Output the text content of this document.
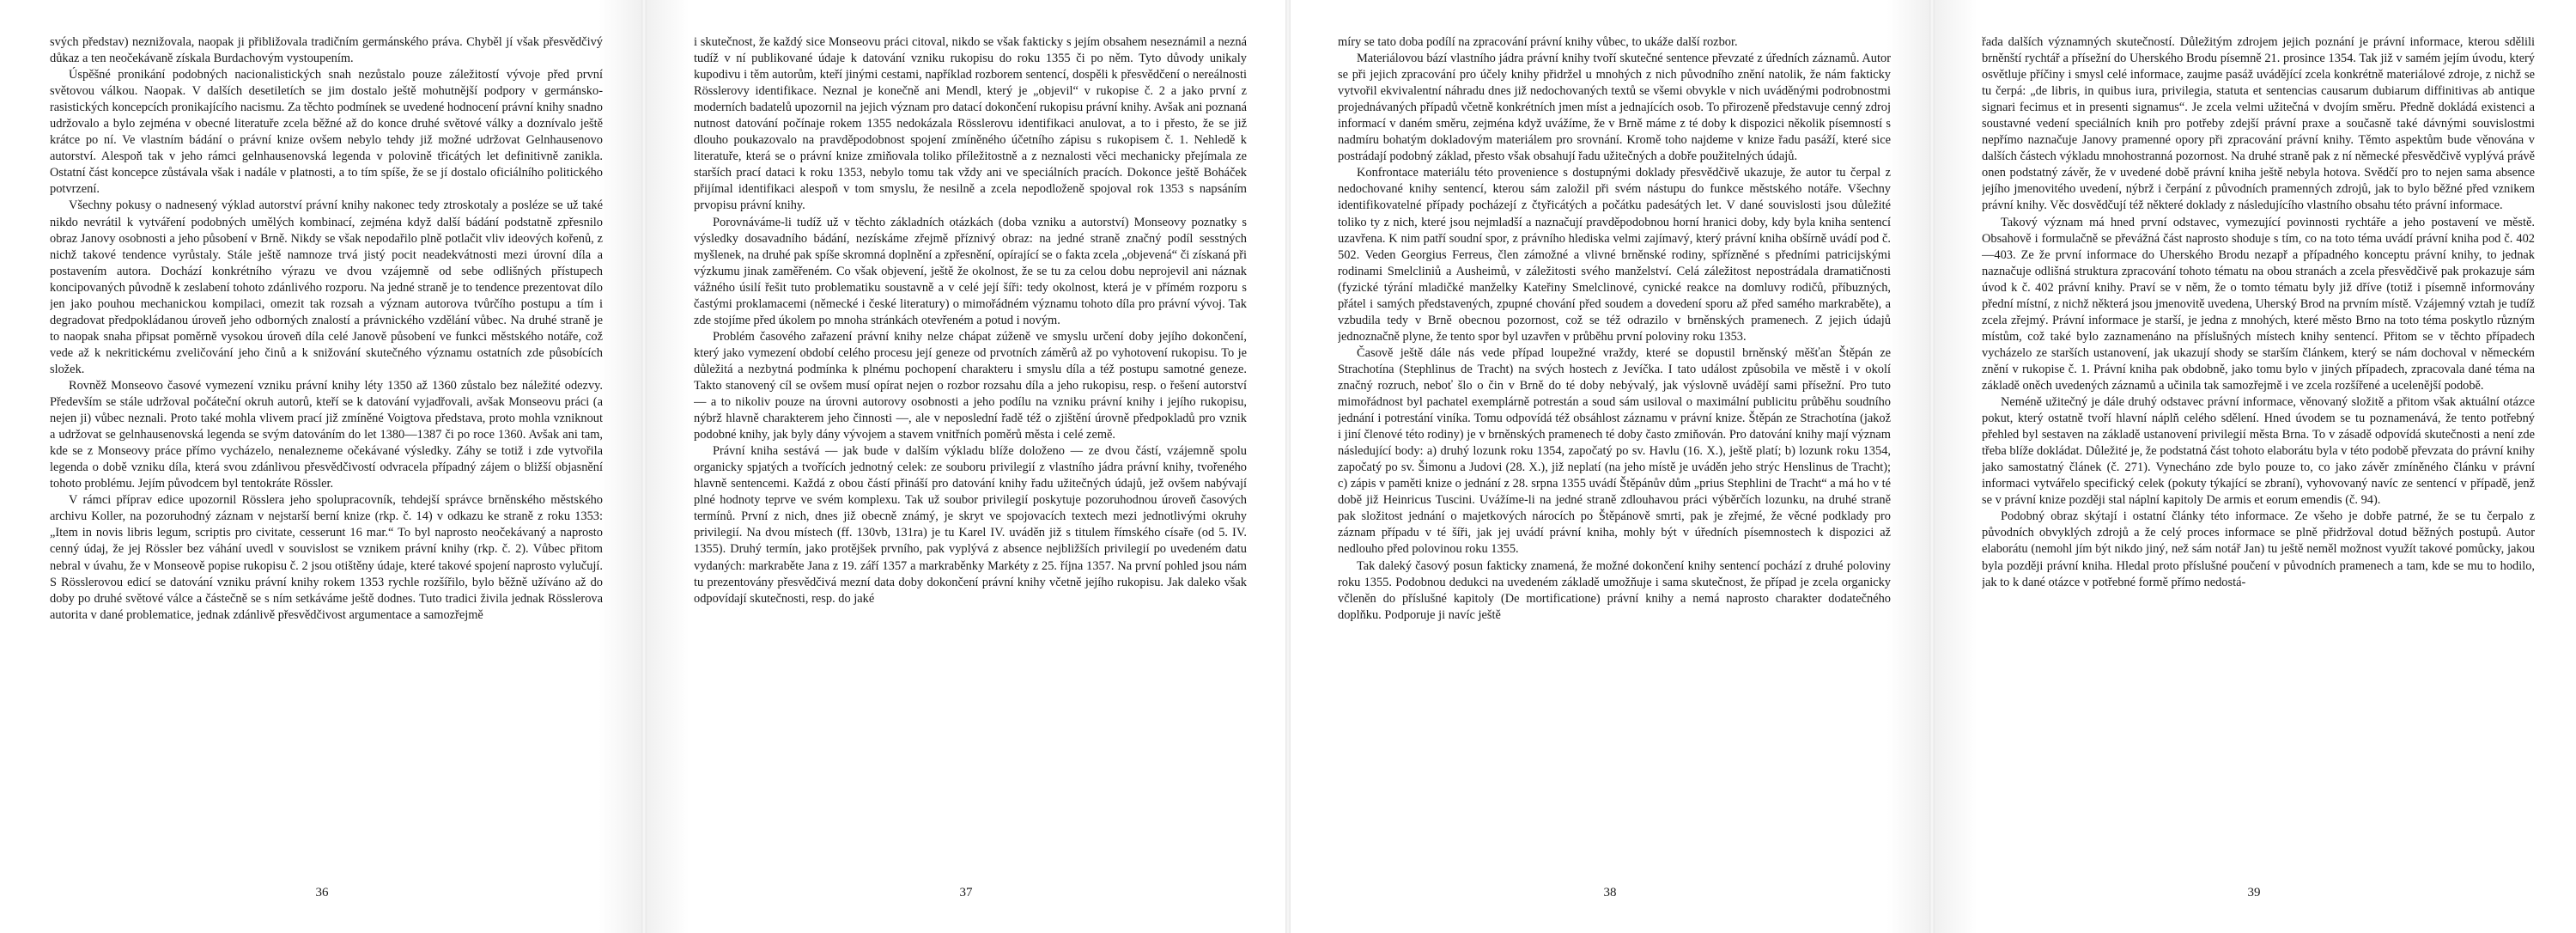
svých představ) neznižovala, naopak ji přibližovala tradičním germánského práva. Chyběl jí však přesvědčivý důkaz a ten neočekávaně získala Burdachovým vystoupením.

Úspěšné pronikání podobných nacionalistických snah nezůstalo pouze záležitostí vývoje před první světovou válkou. Naopak. V dalších desetiletích se jim dostalo ještě mohutnější podpory v germánsko-rasistických koncepcích pronikajícího nacismu. Za těchto podmínek se uvedené hodnocení právní knihy snadno udržovalo a bylo zejména v obecné literatuře zcela běžné až do konce druhé světové války a doznívalo ještě krátce po ní. Ve vlastním bádání o právní knize ovšem nebylo tehdy již možné udržovat Gelnhausenovo autorství. Alespoň tak v jeho rámci gelnhausenovská legenda v polovině třicátých let definitivně zanikla. Ostatní část koncepce zůstávala však i nadále v platnosti, a to tím spíše, že se jí dostalo oficiálního politického potvrzení.

Všechny pokusy o nadnesený výklad autorství právní knihy nakonec tedy ztroskotaly a posléze se už také nikdo nevrátil k vytváření podobných umělých kombinací, zejména když další bádání podstatně zpřesnilo obraz Janovy osobnosti a jeho působení v Brně. Nikdy se však nepodařilo plně potlačit vliv ideových kořenů, z nichž takové tendence vyrůstaly. Stále ještě namnoze trvá jistý pocit neadekvátnosti mezi úrovní díla a postavením autora. Dochází konkrétního výrazu ve dvou vzájemně od sebe odlišných přístupech koncipovaných původně k zeslabení tohoto zdánlivého rozporu. Na jedné straně je to tendence prezentovat dílo jen jako pouhou mechanickou kompilaci, omezit tak rozsah a význam autorova tvůrčího postupu a tím i degradovat předpokládanou úroveň jeho odborných znalostí a právnického vzdělání vůbec. Na druhé straně je to naopak snaha připsat poměrně vysokou úroveň díla celé Janově působení ve funkci městského notáře, což vede až k nekritickému zveličování jeho činů a k snižování skutečného významu ostatních zde působících složek.

Rovněž Monseovo časové vymezení vzniku právní knihy léty 1350 až 1360 zůstalo bez náležité odezvy. Především se stále udržoval počáteční okruh autorů, kteří se k datování vyjadřovali, avšak Monseovu práci (a nejen ji) vůbec neznali. Proto také mohla vlivem prací již zmíněné Voigtova představa, proto mohla vzniknout a udržovat se gelnhausenovská legenda se svým datováním do let 1380—1387 či po roce 1360. Avšak ani tam, kde se z Monseovy práce přímo vycházelo, nenalezneme očekávané výsledky. Záhy se totiž i zde vytvořila legenda o době vzniku díla, která svou zdánlivou přesvědčivostí odvracela případný zájem o bližší objasnění tohoto problému. Jejím původcem byl tentokráte Rössler.

V rámci příprav edice upozornil Rösslera jeho spolupracovník, tehdejší správce brněnského městského archivu Koller, na pozoruhodný záznam v nejstarší berní knize (rkp. č. 14) v odkazu ke straně z roku 1353: „Item in novis libris legum, scriptis pro civitate, cesserunt 16 mar.“ To byl naprosto neočekávaný a naprosto cenný údaj, že jej Rössler bez váhání uvedl v souvislost se vznikem právní knihy (rkp. č. 2). Vůbec přitom nebral v úvahu, že v Monseově popise rukopisu č. 2 jsou otištěny údaje, které takové spojení naprosto vylučují. S Rösslerovou edicí se datování vzniku právní knihy rokem 1353 rychle rozšířilo, bylo běžně užíváno až do doby po druhé světové válce a částečně se s ním setkáváme ještě dodnes. Tuto tradici živila jednak Rösslerova autorita v dané problematice, jednak zdánlivě přesvědčivost argumentace a samozřejmě

36

i skutečnost, že každý sice Monseovu práci citoval, nikdo se však fakticky s jejím obsahem neseznámil a nezná tudíž v ní publikované údaje k datování vzniku rukopisu do roku 1355 či po něm. Tyto důvody unikaly kupodivu i těm autorům, kteří jinými cestami, například rozborem sentencí, dospěli k přesvědčení o nereálnosti Rösslerovy identifikace. Neznal je konečně ani Mendl, který je „objevil“ v rukopise č. 2 a jako první z moderních badatelů upozornil na jejich význam pro datací dokončení rukopisu právní knihy. Avšak ani poznaná nutnost datování počínaje rokem 1355 nedokázala Rösslerovu identifikaci anulovat, a to i přesto, že se již dlouho poukazovalo na pravděpodobnost spojení zmíněného účetního zápisu s rukopisem č. 1. Nehledě k literatuře, která se o právní knize zmiňovala toliko příležitostně a z neznalosti věci mechanicky přejímala ze starších prací dataci k roku 1353, nebylo tomu tak vždy ani ve speciálních pracích. Dokonce ještě Boháček přijímal identifikaci alespoň v tom smyslu, že nesilně a zcela nepodloženě spojoval rok 1353 s napsáním prvopisu právní knihy.

Porovnáváme-li tudíž už v těchto základních otázkách (doba vzniku a autorství) Monseovy poznatky s výsledky dosavadního bádání, nezískáme zřejmě příznivý obraz: na jedné straně značný podíl sesstných myšlenek, na druhé pak spíše skromná doplnění a zpřesnění, opírající se o fakta zcela „objevená“ či získaná při výzkumu jinak zaměřeném. Co však objevení, ještě že okolnost, že se tu za celou dobu neprojevil ani náznak vážného úsilí řešit tuto problematiku soustavně a v celé její šíři: tedy okolnost, která je v přímém rozporu s častými proklamacemi (německé i české literatury) o mimořádném významu tohoto díla pro právní vývoj. Tak zde stojíme před úkolem po mnoha stránkách otevřeném a potud i novým.

Problém časového zařazení právní knihy nelze chápat zúženě ve smyslu určení doby jejího dokončení, který jako vymezení období celého procesu její geneze od prvotních záměrů až po vyhotovení rukopisu. To je důležitá a nezbytná podmínka k plnému pochopení charakteru i smyslu díla a též postupu samotné geneze. Takto stanovený cíl se ovšem musí opírat nejen o rozbor rozsahu díla a jeho rukopisu, resp. o řešení autorství — a to nikoliv pouze na úrovni autorovy osobnosti a jeho podílu na vzniku právní knihy i jejího rukopisu, nýbrž hlavně charakterem jeho činnosti —, ale v neposlední řadě též o zjištění úrovně předpokladů pro vznik podobné knihy, jak byly dány vývojem a stavem vnitřních poměrů města i celé země.

Právní kniha sestává — jak bude v dalším výkladu blíže doloženo — ze dvou částí, vzájemně spolu organicky spjatých a tvořících jednotný celek: ze souboru privilegií z vlastního jádra právní knihy, tvořeného hlavně sentencemi. Každá z obou částí přináší pro datování knihy řadu užitečných údajů, jež ovšem nabývají plné hodnoty teprve ve svém komplexu. Tak už soubor privilegií poskytuje pozoruhodnou úroveň časových termínů. První z nich, dnes již obecně známý, je skryt ve spojovacích textech mezi jednotlivými okruhy privilegií. Na dvou místech (ff. 130vb, 131ra) je tu Karel IV. uváděn již s titulem římského císaře (od 5. IV. 1355). Druhý termín, jako protějšek prvního, pak vyplývá z absence nejbližších privilegií po uvedeném datu vydaných: markraběte Jana z 19. září 1357 a markraběnky Markéty z 25. října 1357. Na první pohled jsou nám tu prezentovány přesvědčivá mezní data doby dokončení právní knihy včetně jejího rukopisu. Jak daleko však odpovídají skutečnosti, resp. do jaké

37

míry se tato doba podílí na zpracování právní knihy vůbec, to ukáže další rozbor.

Materiálovou bází vlastního jádra právní knihy tvoří skutečné sentence převzaté z úředních záznamů. Autor se při jejich zpracování pro účely knihy přidržel u mnohých z nich původního znění natolik, že nám fakticky vytvořil ekvivalentní náhradu dnes již nedochovaných textů se všemi obvykle v nich uváděnými podrobnostmi projednávaných případů včetně konkrétních jmen míst a jednajících osob. To přirozeně představuje cenný zdroj informací v daném směru, zejména když uvážíme, že v Brně máme z té doby k dispozici několik písemností s nadmíru bohatým dokladovým materiálem pro srovnání. Kromě toho najdeme v knize řadu pasáží, které sice postrádají podobný základ, přesto však obsahují řadu užitečných a dobře použitelných údajů.

Konfrontace materiálu této provenience s dostupnými doklady přesvědčivě ukazuje, že autor tu čerpal z nedochované knihy sentencí, kterou sám založil při svém nástupu do funkce městského notáře. Všechny identifikovatelné případy pocházejí z čtyřicátých a počátku padesátých let. V dané souvislosti jsou důležité toliko ty z nich, které jsou nejmladší a naznačují pravděpodobnou horní hranici doby, kdy byla kniha sentencí uzavřena. K nim patří soudní spor, z právního hlediska velmi zajímavý, který právní kniha obšírně uvádí pod č. 502. Veden Georgius Ferreus, člen zámožné a vlivné brněnské rodiny, spřízněné s předními patricijskými rodinami Smelcliniů a Ausheimů, v záležitosti svého manželství. Celá záležitost nepostrádala dramatičnosti (fyzické týrání mladičké manželky Kateřiny Smelclinové, cynické reakce na domluvy rodičů, příbuzných, přátel i samých představených, zpupné chování před soudem a dovedení sporu až před samého markraběte), a vzbudila tedy v Brně obecnou pozornost, což se též odrazilo v brněnských pramenech. Z jejich údajů jednoznačně plyne, že tento spor byl uzavřen v průběhu první poloviny roku 1353.

Časově ještě dále nás vede případ loupežné vraždy, které se dopustil brněnský měšťan Štěpán ze Strachotína (Stephlinus de Tracht) na svých hostech z Jevíčka. I tato událost způsobila ve městě i v okolí značný rozruch, neboť šlo o čin v Brně do té doby nebývalý, jak výslovně uvádějí sami přísežní. Pro tuto mimořádnost byl pachatel exemplárně potrestán a soud sám usiloval o maximální publicitu průběhu soudního jednání i potrestání viníka. Tomu odpovídá též obsáhlost záznamu v právní knize. Štěpán ze Strachotína (jakož i jiní členové této rodiny) je v brněnských pramenech té doby často zmiňován. Pro datování knihy mají význam následující body: a) druhý lozunk roku 1354, započatý po sv. Havlu (16. X.), ještě platí; b) lozunk roku 1354, započatý po sv. Šimonu a Judovi (28. X.), již neplatí (na jeho místě je uváděn jeho strýc Henslinus de Tracht); c) zápis v paměti knize o jednání z 28. srpna 1355 uvádí Štěpánův dům „prius Stephlini de Tracht“ a má ho v té době již Heinricus Tuscini. Uvážíme-li na jedné straně zdlouhavou práci výběrčích lozunku, na druhé straně pak složitost jednání o majetkových nárocích po Štěpánově smrti, pak je zřejmé, že věcné podklady pro záznam případu v té šíři, jak jej uvádí právní kniha, mohly být v úředních písemnostech k dispozici až nedlouho před polovinou roku 1355.

Tak daleký časový posun fakticky znamená, že možné dokončení knihy sentencí pochází z druhé poloviny roku 1355. Podobnou dedukci na uvedeném základě umožňuje i sama skutečnost, že případ je zcela organicky včleněn do příslušné kapitoly (De mortificatione) právní knihy a nemá naprosto charakter dodatečného doplňku. Podporuje ji navíc ještě

38

řada dalších významných skutečností. Důležitým zdrojem jejich poznání je právní informace, kterou sdělili brněnští rychtář a přísežní do Uherského Brodu písemně 21. prosince 1354. Tak již v samém jejím úvodu, který osvětluje příčiny i smysl celé informace, zaujme pasáž uvádějící zcela konkrétně materiálové zdroje, z nichž se tu čerpá: „de libris, in quibus iura, privilegia, statuta et sentencias causarum dubiarum diffinitivas ab antique signari fecimus et in presenti signamus“. Je zcela velmi užitečná v dvojím směru. Předně dokládá existenci a soustavné vedení speciálních knih pro potřeby zdejší právní praxe a současně také dávnými souvislostmi nepřímo naznačuje Janovy pramenné opory při zpracování právní knihy. Těmto aspektům bude věnována v dalších částech výkladu mnohostranná pozornost. Na druhé straně pak z ní německé přesvědčivě vyplývá právě onen podstatný závěr, že v uvedené době právní kniha ještě nebyla hotova. Svědčí pro to nejen sama absence jejího jmenovitého uvedení, nýbrž i čerpání z původních pramenných zdrojů, jak to bylo běžné před vznikem právní knihy. Věc dosvědčují též některé doklady z následujícího vlastního obsahu této právní informace.

Takový význam má hned první odstavec, vymezující povinnosti rychtáře a jeho postavení ve městě. Obsahově i formulačně se převážná část naprosto shoduje s tím, co na toto téma uvádí právní kniha pod č. 402—403. Ze že první informace do Uherského Brodu nezapř a případného konceptu právní knihy, to jednak naznačuje odlišná struktura zpracování tohoto tématu na obou stranách a zcela přesvědčivě pak prokazuje sám úvod k č. 402 právní knihy. Praví se v něm, že o tomto tématu byly již dříve (totiž i písemně informovány přední místní, z nichž některá jsou jmenovitě uvedena, Uherský Brod na prvním místě. Vzájemný vztah je tudíž zcela zřejmý. Právní informace je starší, je jedna z mnohých, které město Brno na toto téma poskytlo různým místům, což také bylo zaznamenáno na příslušných místech knihy sentencí. Přitom se v těchto případech vycházelo ze starších ustanovení, jak ukazují shody se starším článkem, který se nám dochoval v německém znění v rukopise č. 1. Právní kniha pak obdobně, jako tomu bylo v jiných případech, zpracovala dané téma na základě oněch uvedených záznamů a učinila tak samozřejmě i ve zcela rozšířené a ucelenější podobě.

Neméně užitečný je dále druhý odstavec právní informace, věnovaný složitě a přitom však aktuální otázce pokut, který ostatně tvoří hlavní náplň celého sdělení. Hned úvodem se tu poznamenává, že tento potřebný přehled byl sestaven na základě ustanovení privilegií města Brna. To v zásadě odpovídá skutečnosti a není zde třeba blíže dokládat. Důležité je, že podstatná část tohoto elaborátu byla v této podobě převzata do právní knihy jako samostatný článek (č. 271). Vynecháno zde bylo pouze to, co jako závěr zmíněného článku v právní informaci vytvářelo specifický celek (pokuty týkající se zbraní), vyhovovaný navíc ze sentencí v případě, jenž se v právní knize později stal náplní kapitoly De armis et eorum emendis (č. 94).

Podobný obraz skýtají i ostatní články této informace. Ze všeho je dobře patrné, že se tu čerpalo z původních obvyklých zdrojů a že celý proces informace se plně přidržoval dotud běžných postupů. Autor elaborátu (nemohl jím být nikdo jiný, než sám notář Jan) tu ještě neměl možnost využít takové pomůcky, jakou byla později právní kniha. Hledal proto příslušné poučení v původních pramenech a tam, kde se mu to hodilo, jak to k dané otázce v potřebné formě přímo nedostá-

39
